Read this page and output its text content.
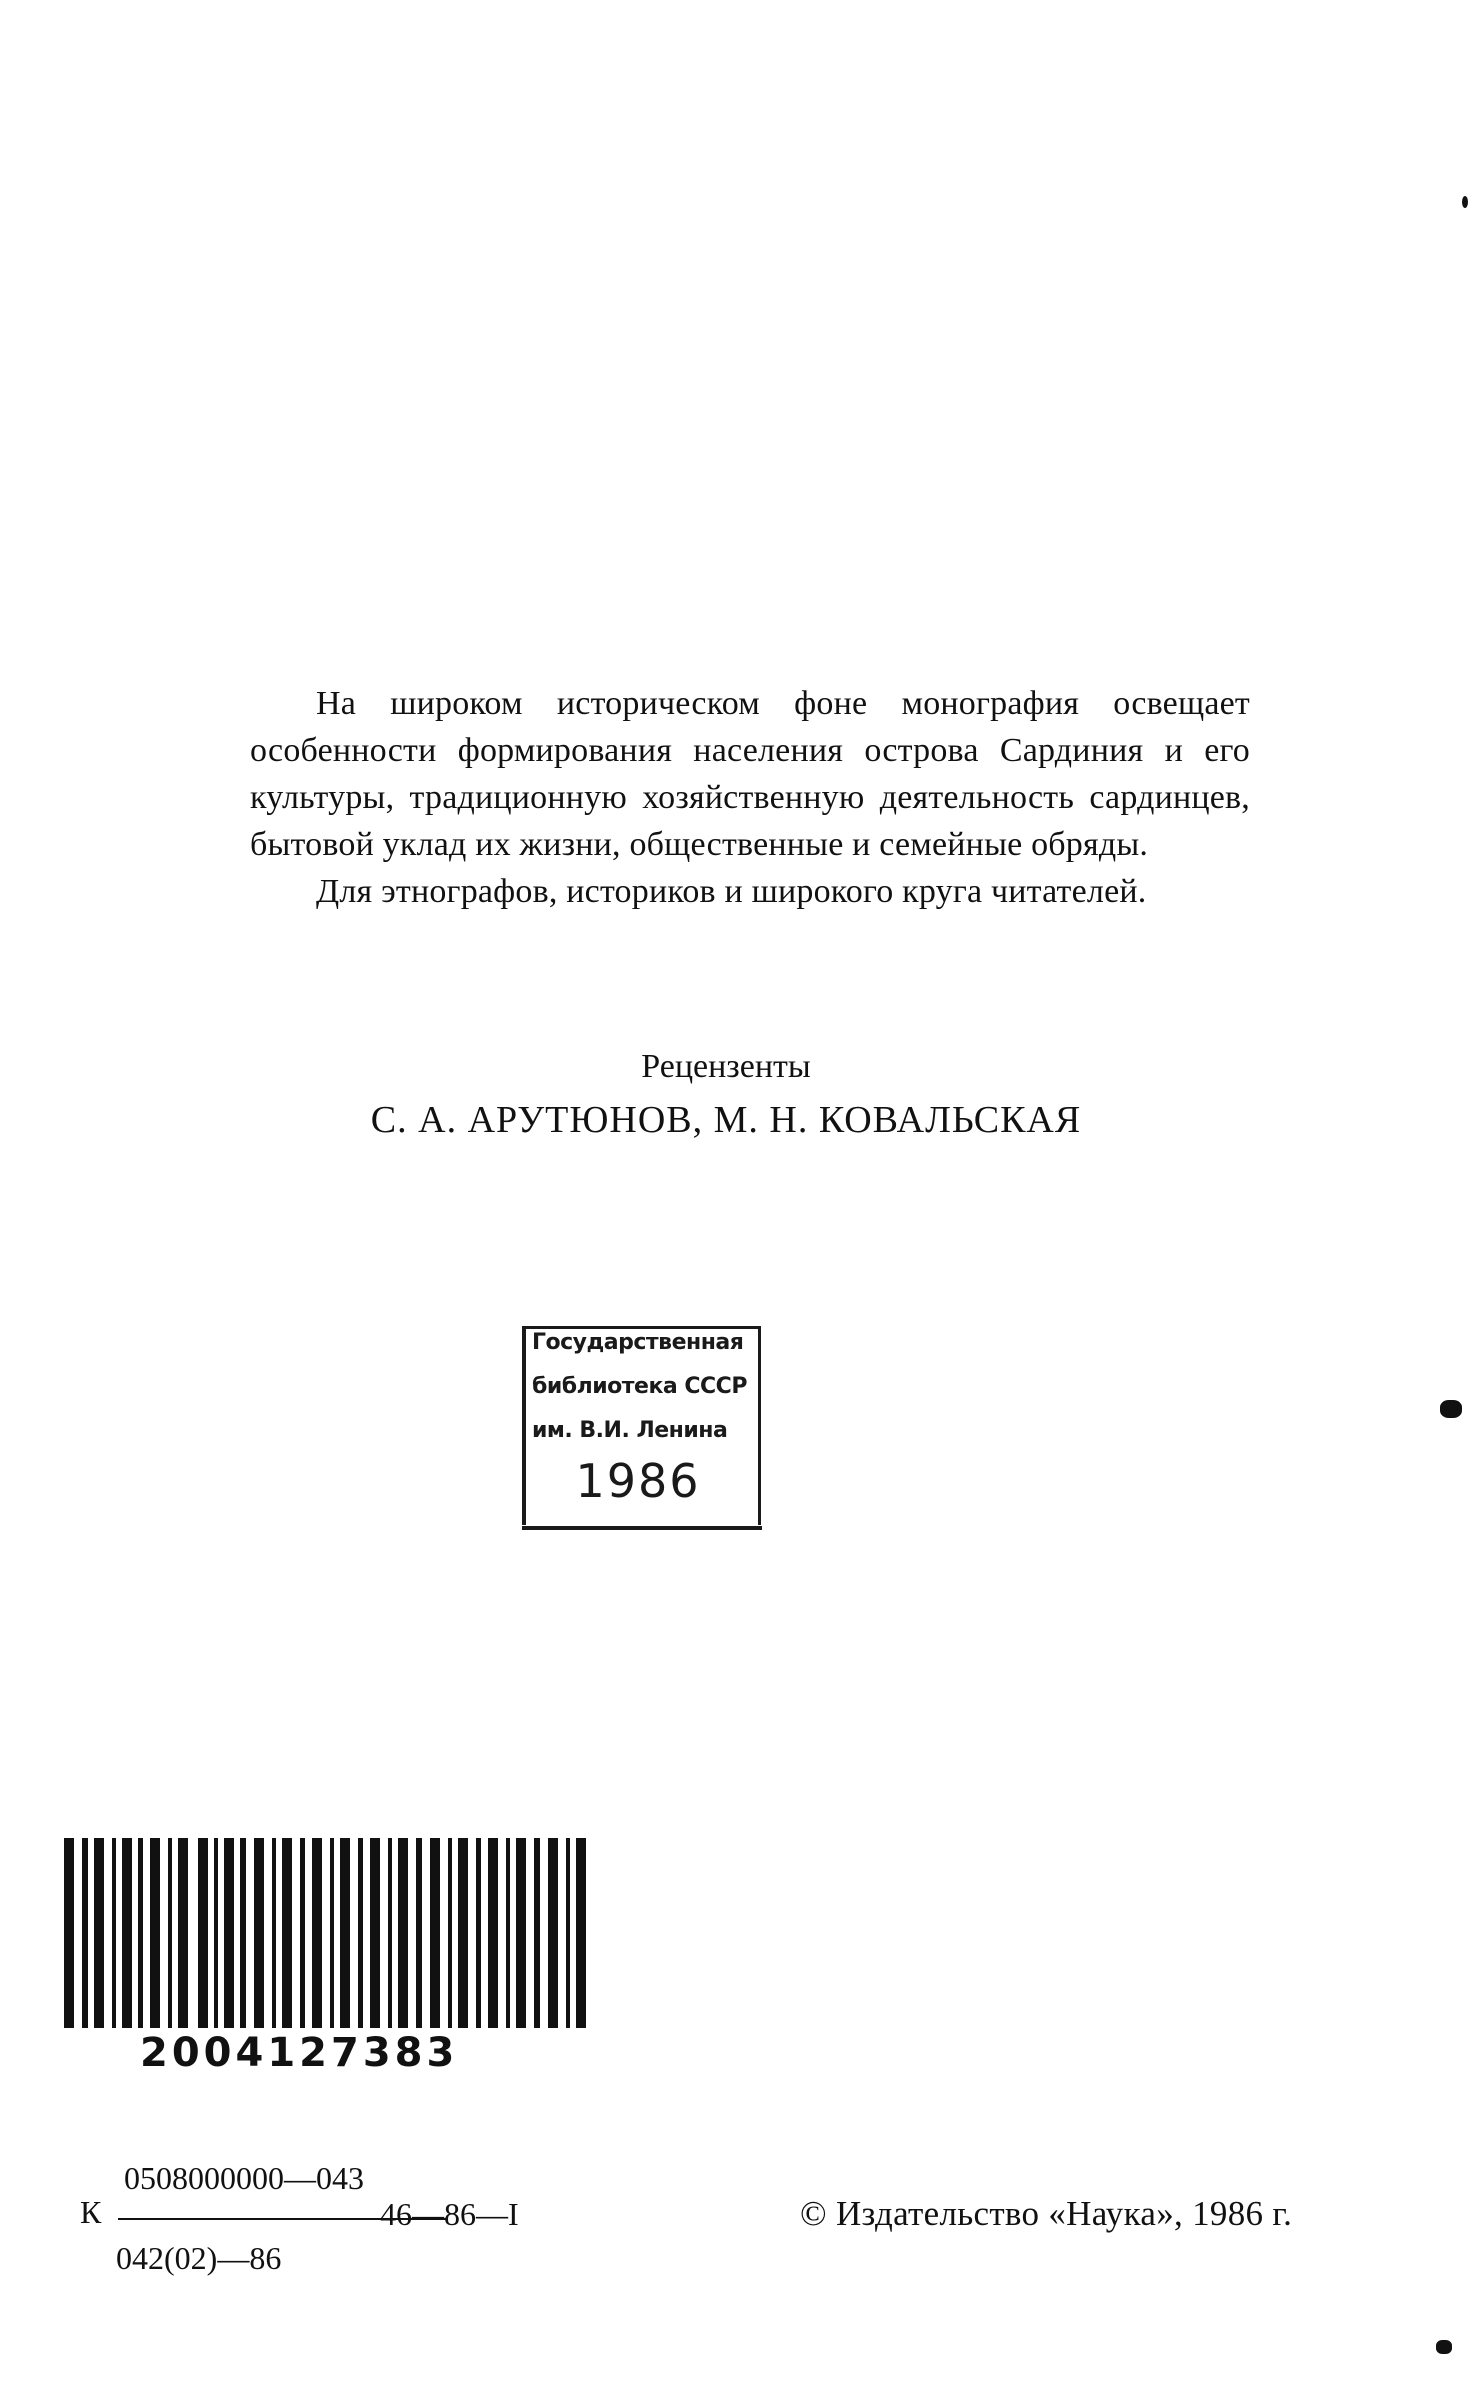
На широком историческом фоне монография освещает особенности формирования населения острова Сардиния и его культуры, традиционную хозяйственную деятельность сардинцев, бытовой уклад их жизни, общественные и семейные обряды.

Для этнографов, историков и широкого круга читателей.

Рецензенты
С. А. АРУТЮНОВ, М. Н. КОВАЛЬСКАЯ
Государственная
библиотека СССР
им. В.И. Ленина
1986
2004127383
К
0508000000—043
46—86—I
042(02)—86
© Издательство «Наука», 1986 г.
